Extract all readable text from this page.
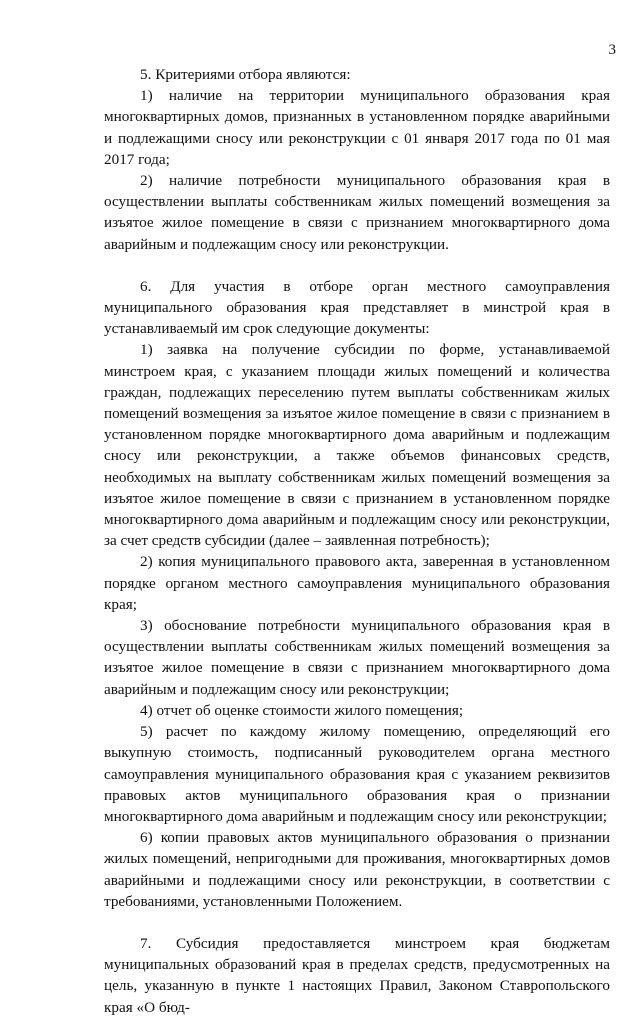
3

5. Критериями отбора являются:

1) наличие на территории муниципального образования края многоквартирных домов, признанных в установленном порядке аварийными и подлежащими сносу или реконструкции с 01 января 2017 года по 01 мая 2017 года;

2) наличие потребности муниципального образования края в осуществлении выплаты собственникам жилых помещений возмещения за изъятое жилое помещение в связи с признанием многоквартирного дома аварийным и подлежащим сносу или реконструкции.

6. Для участия в отборе орган местного самоуправления муниципального образования края представляет в минстрой края в устанавливаемый им срок следующие документы:

1) заявка на получение субсидии по форме, устанавливаемой минстроем края, с указанием площади жилых помещений и количества граждан, подлежащих переселению путем выплаты собственникам жилых помещений возмещения за изъятое жилое помещение в связи с признанием в установленном порядке многоквартирного дома аварийным и подлежащим сносу или реконструкции, а также объемов финансовых средств, необходимых на выплату собственникам жилых помещений возмещения за изъятое жилое помещение в связи с признанием в установленном порядке многоквартирного дома аварийным и подлежащим сносу или реконструкции, за счет средств субсидии (далее – заявленная потребность);

2) копия муниципального правового акта, заверенная в установленном порядке органом местного самоуправления муниципального образования края;

3) обоснование потребности муниципального образования края в осуществлении выплаты собственникам жилых помещений возмещения за изъятое жилое помещение в связи с признанием многоквартирного дома аварийным и подлежащим сносу или реконструкции;

4) отчет об оценке стоимости жилого помещения;

5) расчет по каждому жилому помещению, определяющий его выкупную стоимость, подписанный руководителем органа местного самоуправления муниципального образования края с указанием реквизитов правовых актов муниципального образования края о признании многоквартирного дома аварийным и подлежащим сносу или реконструкции;

6) копии правовых актов муниципального образования о признании жилых помещений, непригодными для проживания, многоквартирных домов аварийными и подлежащими сносу или реконструкции, в соответствии с требованиями, установленными Положением.

7. Субсидия предоставляется минстроем края бюджетам муниципальных образований края в пределах средств, предусмотренных на цель, указанную в пункте 1 настоящих Правил, Законом Ставропольского края «О бюд-
